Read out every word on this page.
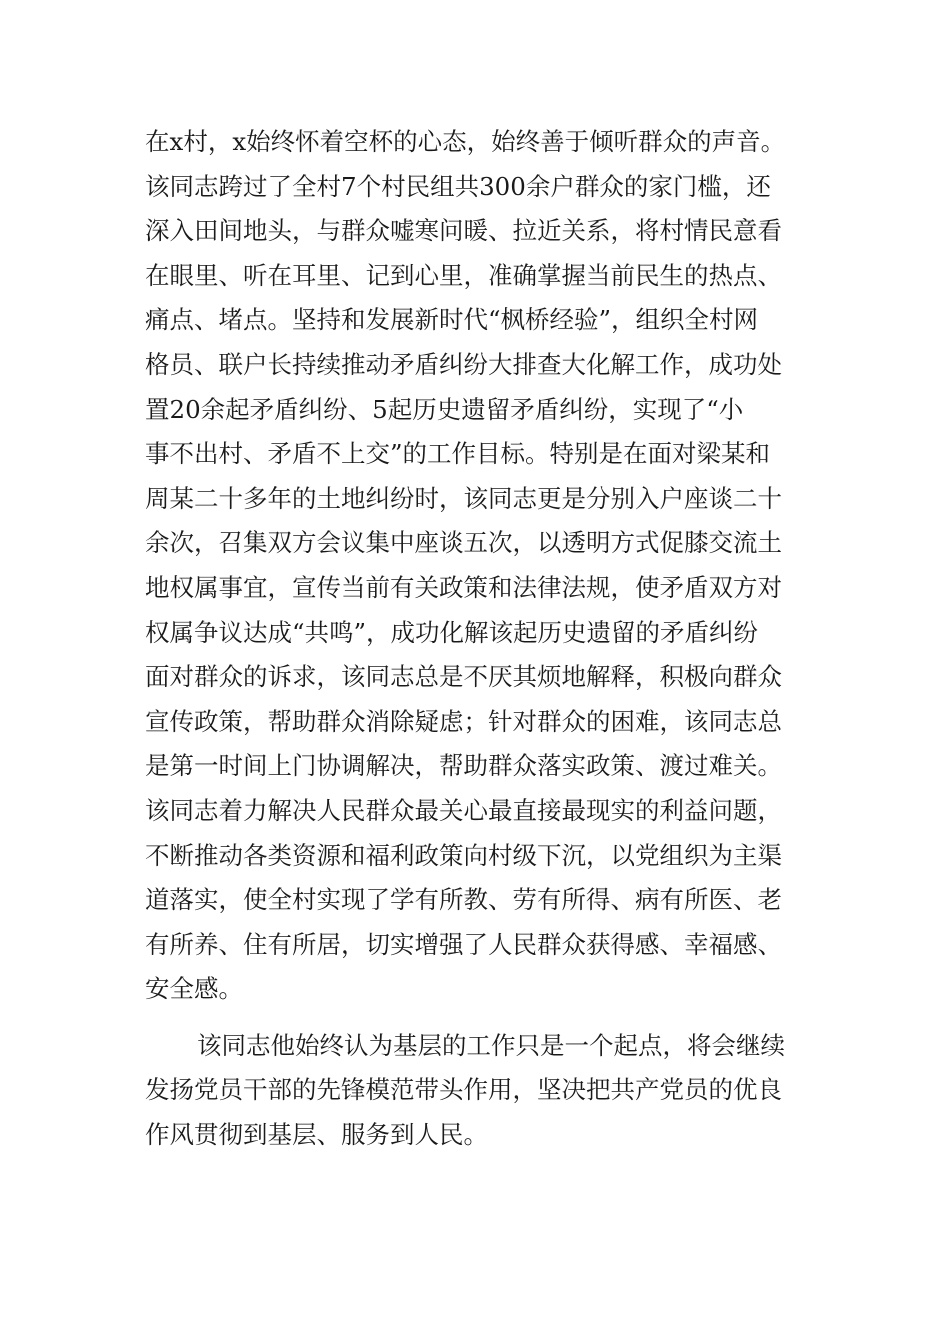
在x村，x始终怀着空杯的心态，始终善于倾听群众的声音。
该同志跨过了全村7个村民组共300余户群众的家门槛，还
深入田间地头，与群众嘘寒问暖、拉近关系，将村情民意看
在眼里、听在耳里、记到心里，准确掌握当前民生的热点、
痛点、堵点。坚持和发展新时代“枫桥经验”，组织全村网
格员、联户长持续推动矛盾纠纷大排查大化解工作，成功处
置20余起矛盾纠纷、5起历史遗留矛盾纠纷，实现了“小
事不出村、矛盾不上交”的工作目标。特别是在面对梁某和
周某二十多年的土地纠纷时，该同志更是分别入户座谈二十
余次，召集双方会议集中座谈五次，以透明方式促膝交流土
地权属事宜，宣传当前有关政策和法律法规，使矛盾双方对
权属争议达成“共鸣”，成功化解该起历史遗留的矛盾纠纷
面对群众的诉求，该同志总是不厌其烦地解释，积极向群众
宣传政策，帮助群众消除疑虑；针对群众的困难，该同志总
是第一时间上门协调解决，帮助群众落实政策、渡过难关。
该同志着力解决人民群众最关心最直接最现实的利益问题，
不断推动各类资源和福利政策向村级下沉，以党组织为主渠
道落实，使全村实现了学有所教、劳有所得、病有所医、老
有所养、住有所居，切实增强了人民群众获得感、幸福感、
安全感。
该同志他始终认为基层的工作只是一个起点，将会继续
发扬党员干部的先锋模范带头作用，坚决把共产党员的优良
作风贯彻到基层、服务到人民。
